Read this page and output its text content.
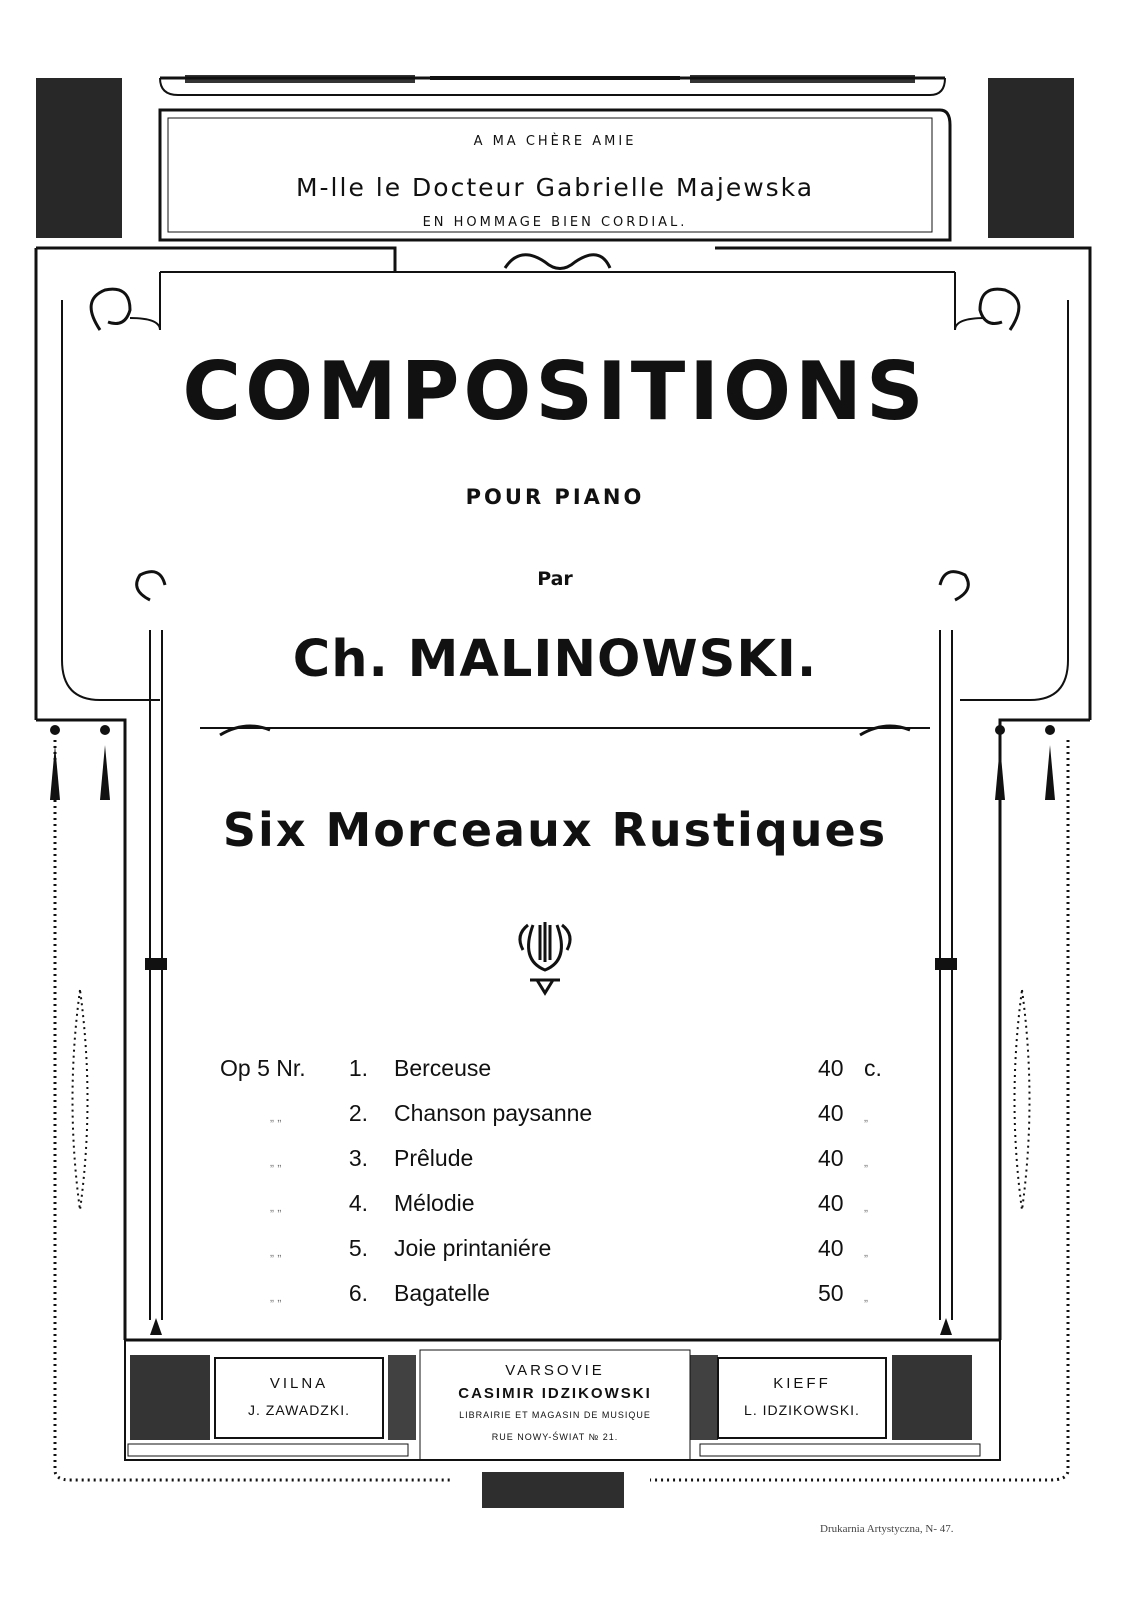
A MA CHÈRE AMIE
M-lle le Docteur Gabrielle Majewska
EN HOMMAGE BIEN CORDIAL.
COMPOSITIONS
POUR PIANO
Par
Ch. MALINOWSKI.
Six Morceaux Rustiques
Op 5 Nr. 1. Berceuse	40 c.
„ „	2. Chanson paysanne	40 „
„ „	3. Prêlude	40 „
„ „	4. Mélodie	40 „
„ „	5. Joie printaniére	40 „
„ „	6. Bagatelle	50 „
VILNA
J. ZAWADZKI.
VARSOVIE
CASIMIR IDZIKOWSKI
LIBRAIRIE ET MAGASIN DE MUSIQUE
RUE NOWY-ŚWIAT № 21.
KIEFF
L. IDZIKOWSKI.
Drukarnia Artystyczna, N- 47.
